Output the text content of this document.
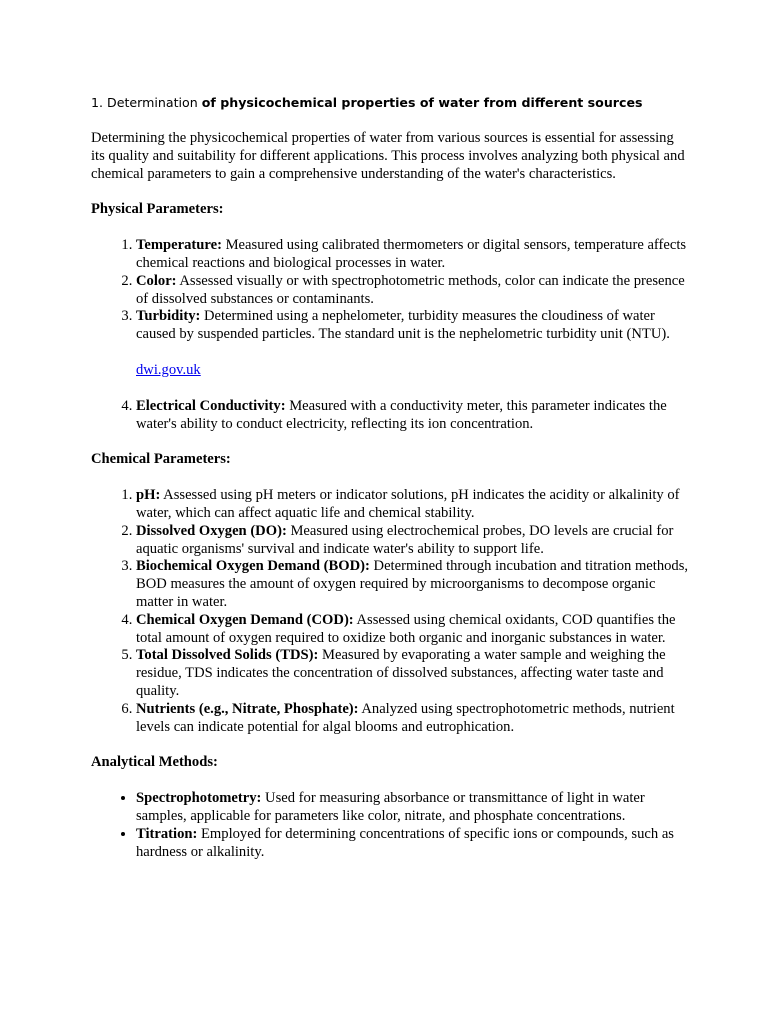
1. Determination of physicochemical properties of water from different sources

Determining the physicochemical properties of water from various sources is essential for assessing its quality and suitability for different applications. This process involves analyzing both physical and chemical parameters to gain a comprehensive understanding of the water's characteristics.

Physical Parameters:
1. Temperature: Measured using calibrated thermometers or digital sensors, temperature affects chemical reactions and biological processes in water.
2. Color: Assessed visually or with spectrophotometric methods, color can indicate the presence of dissolved substances or contaminants.
3. Turbidity: Determined using a nephelometer, turbidity measures the cloudiness of water caused by suspended particles. The standard unit is the nephelometric turbidity unit (NTU).
dwi.gov.uk
4. Electrical Conductivity: Measured with a conductivity meter, this parameter indicates the water's ability to conduct electricity, reflecting its ion concentration.
Chemical Parameters:
1. pH: Assessed using pH meters or indicator solutions, pH indicates the acidity or alkalinity of water, which can affect aquatic life and chemical stability.
2. Dissolved Oxygen (DO): Measured using electrochemical probes, DO levels are crucial for aquatic organisms' survival and indicate water's ability to support life.
3. Biochemical Oxygen Demand (BOD): Determined through incubation and titration methods, BOD measures the amount of oxygen required by microorganisms to decompose organic matter in water.
4. Chemical Oxygen Demand (COD): Assessed using chemical oxidants, COD quantifies the total amount of oxygen required to oxidize both organic and inorganic substances in water.
5. Total Dissolved Solids (TDS): Measured by evaporating a water sample and weighing the residue, TDS indicates the concentration of dissolved substances, affecting water taste and quality.
6. Nutrients (e.g., Nitrate, Phosphate): Analyzed using spectrophotometric methods, nutrient levels can indicate potential for algal blooms and eutrophication.
Analytical Methods:
• Spectrophotometry: Used for measuring absorbance or transmittance of light in water samples, applicable for parameters like color, nitrate, and phosphate concentrations.
• Titration: Employed for determining concentrations of specific ions or compounds, such as hardness or alkalinity.
